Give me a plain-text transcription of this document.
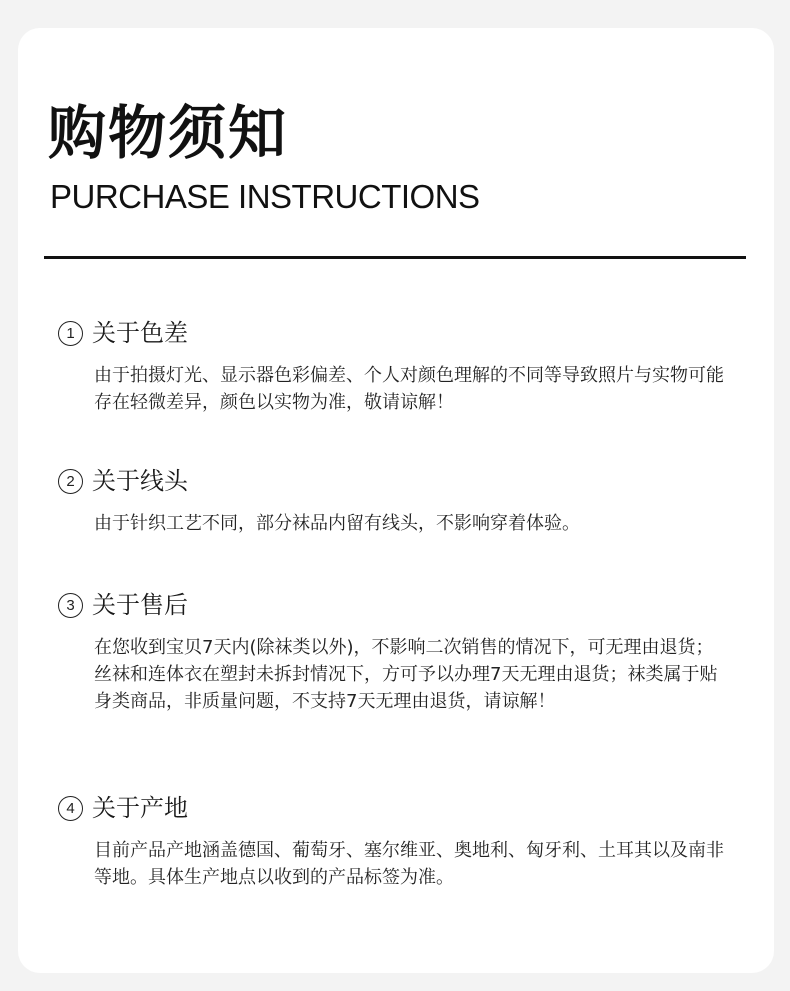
购物须知
PURCHASE INSTRUCTIONS
1 关于色差

由于拍摄灯光、显示器色彩偏差、个人对颜色理解的不同等导致照片与实物可能存在轻微差异，颜色以实物为准，敬请谅解！

2 关于线头

由于针织工艺不同，部分袜品内留有线头，不影响穿着体验。

3 关于售后

在您收到宝贝7天内(除袜类以外)，不影响二次销售的情况下，可无理由退货；丝袜和连体衣在塑封未拆封情况下，方可予以办理7天无理由退货；袜类属于贴身类商品，非质量问题，不支持7天无理由退货，请谅解！

4 关于产地

目前产品产地涵盖德国、葡萄牙、塞尔维亚、奥地利、匈牙利、土耳其以及南非等地。具体生产地点以收到的产品标签为准。
